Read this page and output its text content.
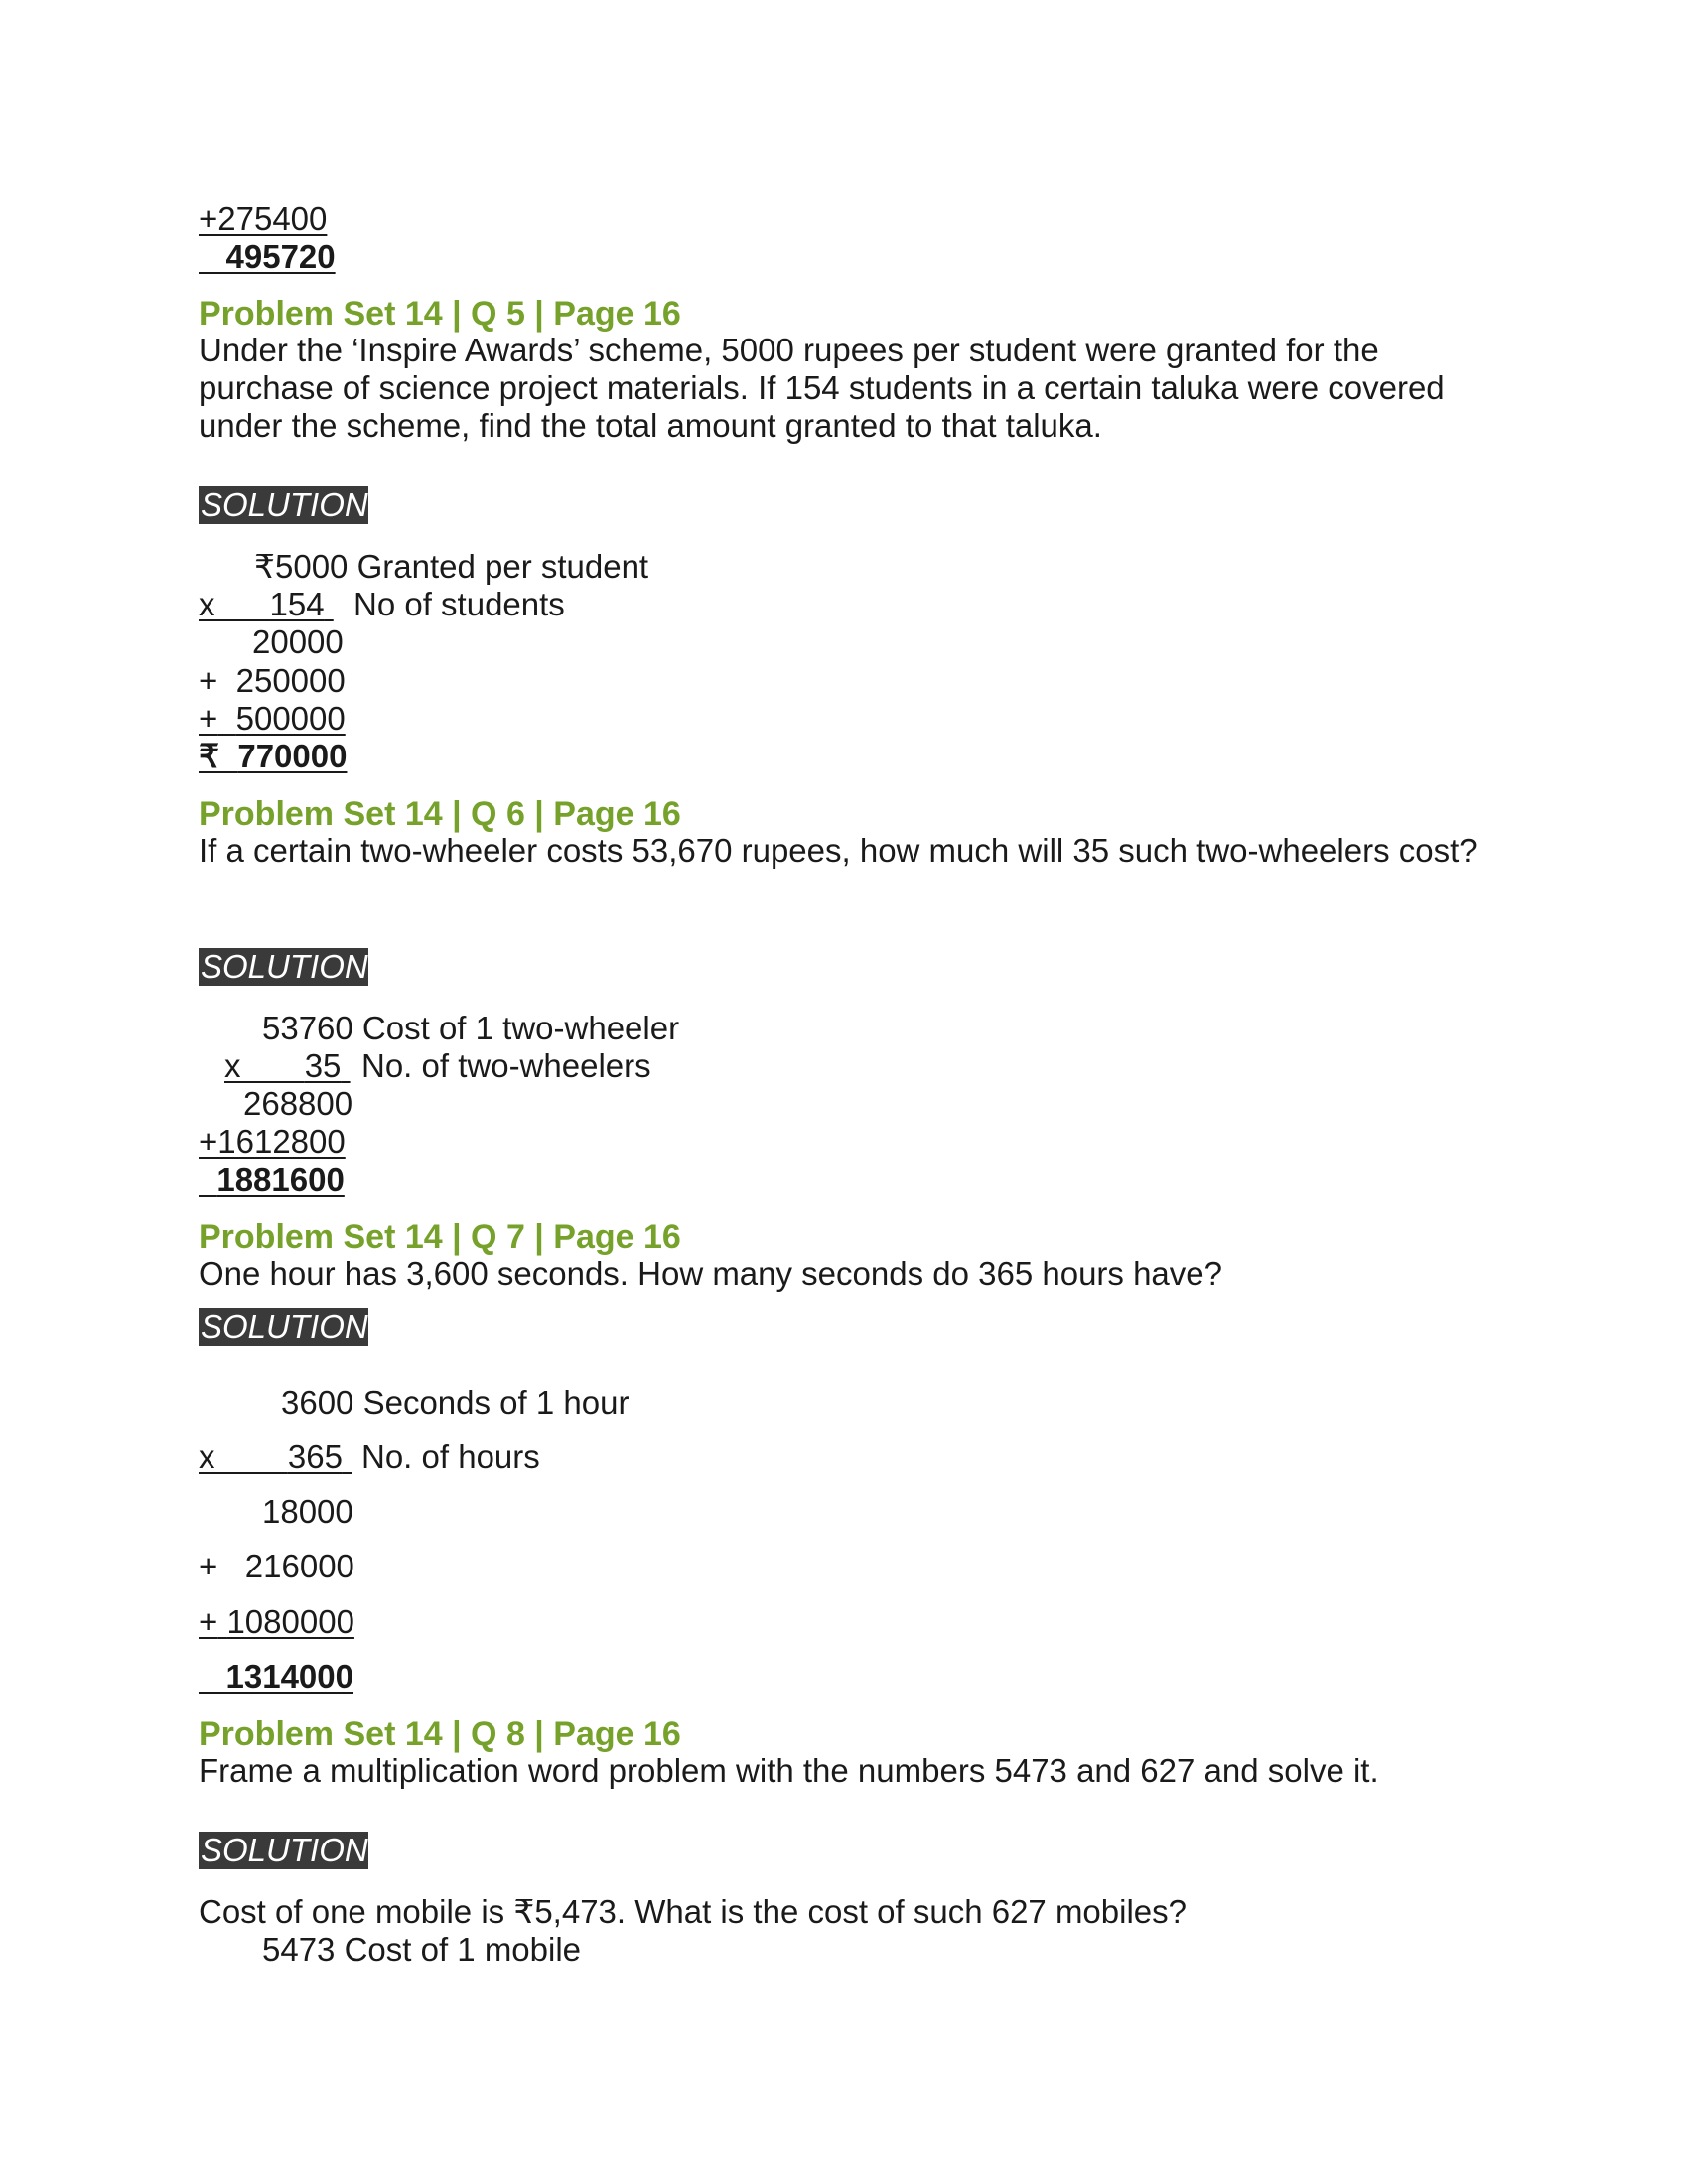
+275400
495720
Problem Set 14 | Q 5 | Page 16
Under the ‘Inspire Awards’ scheme, 5000 rupees per student were granted for the purchase of science project materials. If 154 students in a certain taluka were covered under the scheme, find the total amount granted to that taluka.
SOLUTION
₹5000 Granted per student
x 154 No of students
20000
+ 250000
+ 500000
₹ 770000
Problem Set 14 | Q 6 | Page 16
If a certain two-wheeler costs 53,670 rupees, how much will 35 such two-wheelers cost?
SOLUTION
53760 Cost of 1 two-wheeler
x 35 No. of two-wheelers
268800
+1612800
1881600
Problem Set 14 | Q 7 | Page 16
One hour has 3,600 seconds. How many seconds do 365 hours have?
SOLUTION
3600 Seconds of 1 hour
x 365 No. of hours
18000
+ 216000
+ 1080000
1314000
Problem Set 14 | Q 8 | Page 16
Frame a multiplication word problem with the numbers 5473 and 627 and solve it.
SOLUTION
Cost of one mobile is ₹5,473. What is the cost of such 627 mobiles?
5473 Cost of 1 mobile
